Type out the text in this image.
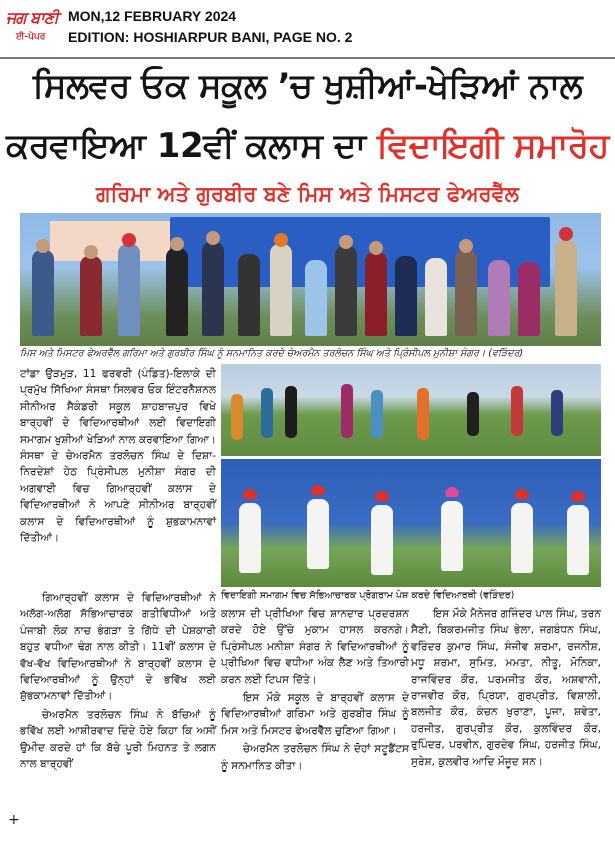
ਜਗ ਬਾਣੀ
ਈ-ਪੇਪਰ
MON,12 FEBRUARY 2024
EDITION: HOSHIARPUR BANI, PAGE NO. 2
ਸਿਲਵਰ ਓਕ ਸਕੂਲ ’ਚ ਖੁਸ਼ੀਆਂ-ਖੇੜਿਆਂ ਨਾਲ
ਕਰਵਾਇਆ 12ਵੀਂ ਕਲਾਸ ਦਾ ਵਿਦਾਇਗੀ ਸਮਾਰੋਹ
ਗਰਿਮਾ ਅਤੇ ਗੁਰਬੀਰ ਬਣੇ ਮਿਸ ਅਤੇ ਮਿਸਟਰ ਫੇਅਰਵੈੱਲ
ਮਿਸ ਅਤੇ ਮਿਸਟਰ ਫੇਅਰਵੈੱਲ ਗਰਿਮਾ ਅਤੇ ਗੁਰਬੀਰ ਸਿੰਘ ਨੂੰ ਸਨਮਾਨਿਤ ਕਰਦੇ ਚੇਅਰਮੈਨ ਤਰਲੋਚਨ ਸਿੰਘ ਅਤੇ ਪ੍ਰਿੰਸੀਪਲ ਮੁਨੀਸ਼ਾ ਸੰਗਰ। (ਵੜਿੰਦਰ)
ਵਿਦਾਇਗੀ ਸਮਾਗਮ ਵਿਚ ਸੱਭਿਆਚਾਰਕ ਪ੍ਰੋਗਰਾਮ ਪੇਸ਼ ਕਰਦੇ ਵਿਦਿਆਰਥੀ (ਵੜਿੰਦਰ)

ਟਾਂਡਾ ਉੜਮੁੜ, 11 ਫਰਵਰੀ (ਪੰਡਿਤ)-ਇਲਾਕੇ ਦੀ ਪ੍ਰਮੁੱਖ ਸਿੱਖਿਆ ਸੰਸਥਾ ਸਿਲਵਰ ਓਕ ਇੰਟਰਨੈਸ਼ਨਲ ਸੀਨੀਅਰ ਸੈਕੰਡਰੀ ਸਕੂਲ ਸ਼ਾਹਬਾਜ਼ਪੁਰ ਵਿਖੇ ਬਾਰ੍ਹਵੀਂ ਦੇ ਵਿਦਿਆਰਥੀਆਂ ਲਈ ਵਿਦਾਇਗੀ ਸਮਾਗਮ ਖੁਸ਼ੀਆਂ ਖੇੜਿਆਂ ਨਾਲ ਕਰਵਾਇਆ ਗਿਆ। ਸੰਸਥਾ ਦੇ ਚੇਅਰਮੈਨ ਤਰਲੋਚਨ ਸਿੰਘ ਦੇ ਦਿਸ਼ਾ-ਨਿਰਦੇਸ਼ਾਂ ਹੇਠ ਪ੍ਰਿੰਸੀਪਲ ਮੁਨੀਸ਼ਾ ਸੰਗਰ ਦੀ ਅਗਵਾਈ ਵਿਚ ਗਿਆਰ੍ਹਵੀਂ ਕਲਾਸ ਦੇ ਵਿਦਿਆਰਥੀਆਂ ਨੇ ਆਪਣੇ ਸੀਨੀਅਰ ਬਾਰ੍ਹਵੀਂ ਕਲਾਸ ਦੇ ਵਿਦਿਆਰਥੀਆਂ ਨੂੰ ਸ਼ੁਭਕਾਮਨਾਵਾਂ ਦਿੱਤੀਆਂ।

ਗਿਆਰ੍ਹਵੀਂ ਕਲਾਸ ਦੇ ਵਿਦਿਆਰਥੀਆਂ ਨੇ ਅਲੱਗ-ਅਲੱਗ ਸੱਭਿਆਚਾਰਕ ਗਤੀਵਿਧੀਆਂ ਅਤੇ ਪੰਜਾਬੀ ਲੋਕ ਨਾਚ ਭੰਗੜਾ ਤੇ ਗਿੱਧੇ ਦੀ ਪੇਸ਼ਕਾਰੀ ਬਹੁਤ ਵਧੀਆ ਢੰਗ ਨਾਲ ਕੀਤੀ। 11ਵੀਂ ਕਲਾਸ ਦੇ ਵੱਖ-ਵੱਖ ਵਿਦਿਆਰਥੀਆਂ ਨੇ ਬਾਰ੍ਹਵੀਂ ਕਲਾਸ ਦੇ ਵਿਦਿਆਰਥੀਆਂ ਨੂੰ ਉਨ੍ਹਾਂ ਦੇ ਭਵਿੱਖ ਲਈ ਸ਼ੁੱਭਕਾਮਨਾਵਾਂ ਦਿੱਤੀਆਂ।

ਚੇਅਰਮੈਨ ਤਰਲੋਚਨ ਸਿੰਘ ਨੇ ਬੱਚਿਆਂ ਨੂੰ ਭਵਿੱਖ ਲਈ ਆਸ਼ੀਰਵਾਦ ਦਿੰਦੇ ਹੋਏ ਕਿਹਾ ਕਿ ਅਸੀਂ ਉਮੀਦ ਕਰਦੇ ਹਾਂ ਕਿ ਬੱਚੇ ਪੂਰੀ ਮਿਹਨਤ ਤੇ ਲਗਨ ਨਾਲ ਬਾਰ੍ਹਵੀਂ

ਕਲਾਸ ਦੀ ਪ੍ਰੀਖਿਆ ਵਿਚ ਸ਼ਾਨਦਾਰ ਪ੍ਰਦਰਸ਼ਨ ਕਰਦੇ ਹੋਏ ਉੱਚੇ ਮੁਕਾਮ ਹਾਸਲ ਕਰਨਗੇ। ਪ੍ਰਿੰਸੀਪਲ ਮਨੀਸ਼ਾ ਸੰਗਰ ਨੇ ਵਿਦਿਆਰਥੀਆਂ ਨੂੰ ਪ੍ਰੀਖਿਆ ਵਿਚ ਵਧੀਆ ਅੰਕ ਲੈਣ ਅਤੇ ਤਿਆਰੀ ਕਰਨ ਲਈ ਟਿਪਸ ਦਿੱਤੇ।

ਇਸ ਮੌਕੇ ਸਕੂਲ ਦੇ ਬਾਰ੍ਹਵੀਂ ਕਲਾਸ ਦੇ ਵਿਦਿਆਰਥੀਆਂ ਗਰਿਮਾ ਅਤੇ ਗੁਰਬੀਰ ਸਿੰਘ ਨੂੰ ਮਿਸ ਅਤੇ ਮਿਸਟਰ ਫੇਅਰਵੈੱਲ ਚੁਣਿਆ ਗਿਆ।

ਚੇਅਰਮੈਨ ਤਰਲੋਚਨ ਸਿੰਘ ਨੇ ਦੋਹਾਂ ਸਟੂਡੈਂਟਸ ਨੂੰ ਸਨਮਾਨਿਤ ਕੀਤਾ।

ਇਸ ਮੌਕੇ ਮੈਨੇਜਰ ਗਜਿੰਦਰ ਪਾਲ ਸਿੰਘ, ਤਰਨ ਸੈਣੀ, ਬਿਕਰਮਜੀਤ ਸਿੰਘ ਭੇਲਾ, ਜਗਬੰਧਨ ਸਿੰਘ, ਵਰਿੰਦਰ ਕੁਮਾਰ ਸਿੰਘ, ਸੰਜੀਵ ਸ਼ਰਮਾ, ਰਜਨੀਸ਼, ਮਧੂ ਸ਼ਰਮਾ, ਸੁਮਿਤ, ਮਮਤਾ, ਨੀਤੂ, ਮੋਨਿਕਾ, ਰਾਜਵਿੰਦਰ ਕੌਰ, ਪਰਮਜੀਤ ਕੌਰ, ਅਸ਼ਵਾਨੀ, ਰਾਜਵੀਰ ਕੌਰ, ਪ੍ਰਿਯਾ, ਗੁਰਪ੍ਰੀਤ, ਵਿਸ਼ਾਲੀ, ਬਲਜੀਤ ਕੌਰ, ਕੰਚਨ ਖੁਰਾਣਾ, ਪੂਜਾ, ਸ਼ਵੇਤਾ, ਹਰਜੀਤ, ਗੁਰਪ੍ਰੀਤ ਕੌਰ, ਕੁਲਵਿੰਦਰ ਕੌਰ, ਰੁਪਿੰਦਰ, ਪਰਵੀਨ, ਗੁਰਦੇਵ ਸਿੰਘ, ਹਰਜੀਤ ਸਿੰਘ, ਸੁਰੇਸ਼, ਕੁਲਵੀਰ ਆਦਿ ਮੌਜੂਦ ਸਨ।

+
